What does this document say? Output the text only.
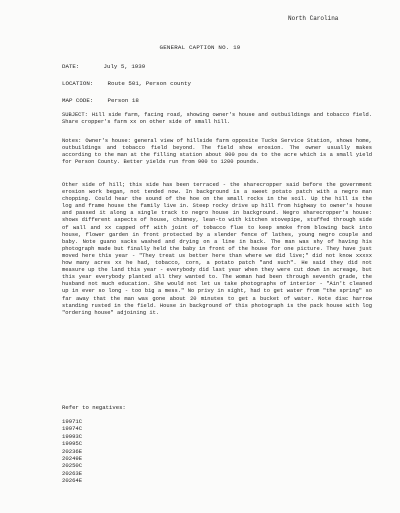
North Carolina
GENERAL CAPTION NO. 19
DATE:	July 5, 1939
LOCATION: Route 501, Person county
MAP CODE: Person 18
SUBJECT: Hill side farm, facing road, showing owner's house and outbuildings and tobacco field. Share cropper's farm xx on other side of small hill.
Notes: Owner's house: general view of hillside farm opposite Tucks Service Station, shows home, outbuildings and tobacco field beyond. The field show erosion. The owner usually makes according to the man at the filling station about 800 pou ds to the acre which is a small yield for Person County. Better yields run from 900 to 1200 pounds.
Other side of hill; this side has been terraced - the sharecropper said before the government erosion work began, not tended now. In background is a sweet potato patch with a negro man chopping. Could hear the sound of the hoe on the small rocks in the soil. Up the hill is the log and frame house the family live in. Steep rocky drive up hill from highway to owner's house and passed it along a single track to negro house in background. Negro sharecropper's house: shows different aspects of house, chimney, lean-to with kitchen stovepipe, stuffed through side of wall and xx capped off with joint of tobacco flue to keep smoke from blowing back into house, flower garden in front protected by a slender fence of lathes, young negro couple and baby. Note guano sacks washed and drying on a line in back. The man was shy of having his photograph made but finally held the baby in front of the house for one picture. They have just moved here this year - "They treat us better here than where we did live;" did not know xxxxx how many acres xx he had, tobacco, corn, a potato patch "and such". He said they did not measure up the land this year - everybody did last year when they were cut down in acreage, but this year everybody planted all they wanted to. The woman had been through seventh grade, the husband not much education. She would not let us take photographs of interior - "Ain't cleaned up in ever so long - too big a mess." No privy in sight, had to get water from "the spring" so far away that the man was gone about 20 minutes to get a bucket of water. Note disc harrow standing rusted in the field. House in background of this photograph is the pack house with log "ordering house" adjoining it.
Refer to negatives:
19971C
19974C
19993C
19995C
20236E
20249E
20250C
20263E
20264E
